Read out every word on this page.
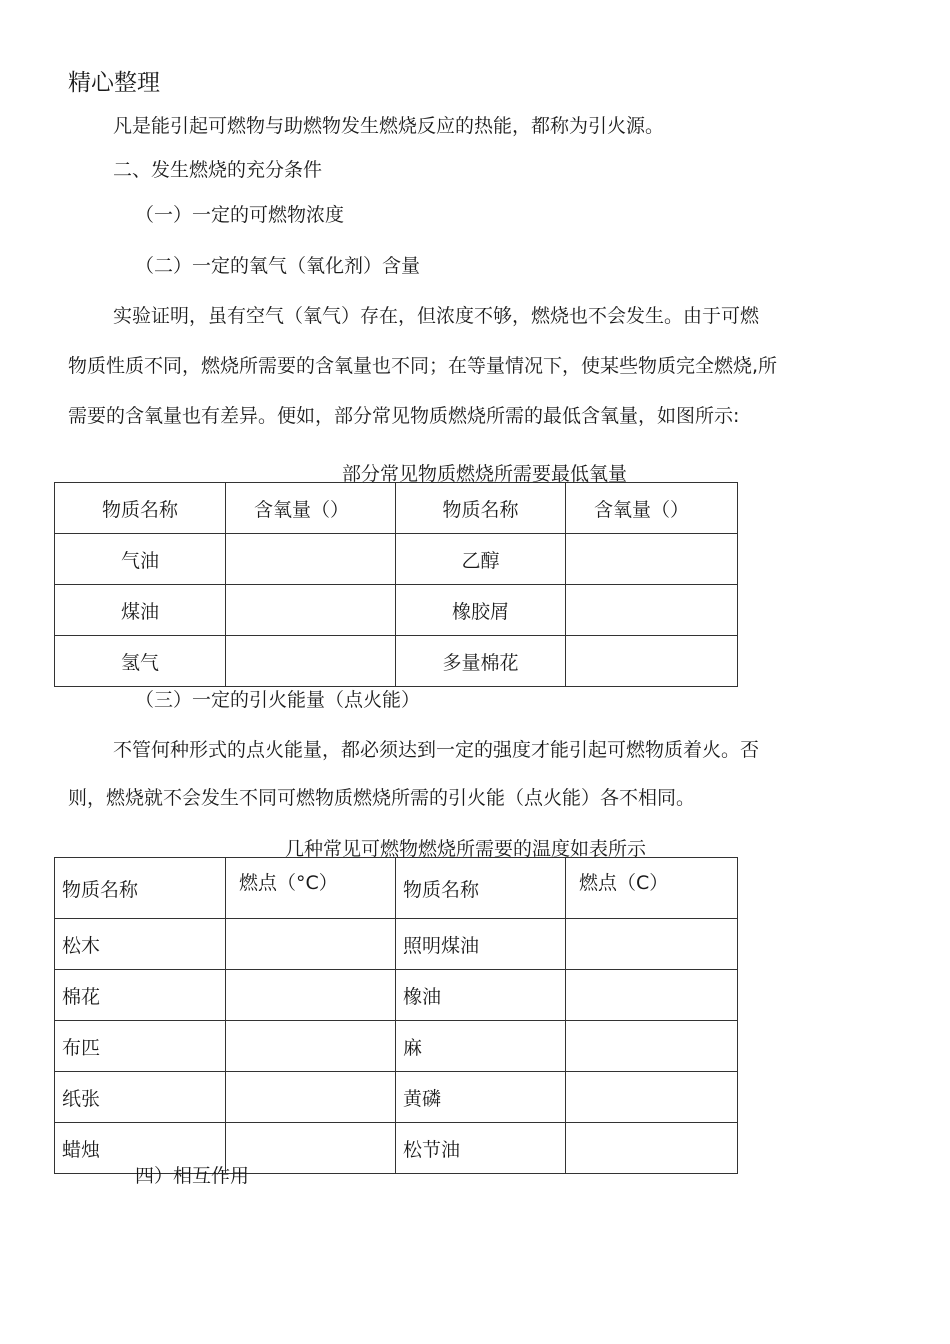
精心整理
凡是能引起可燃物与助燃物发生燃烧反应的热能，都称为引火源。
二、发生燃烧的充分条件
（一）一定的可燃物浓度
（二）一定的氧气（氧化剂）含量
实验证明，虽有空气（氧气）存在，但浓度不够，燃烧也不会发生。由于可燃
物质性质不同，燃烧所需要的含氧量也不同；在等量情况下，使某些物质完全燃烧,所
需要的含氧量也有差异。便如，部分常见物质燃烧所需的最低含氧量，如图所示:
部分常见物质燃烧所需要最低氧量
物质名称	含氧量（）	物质名称	含氧量（）
气油		乙醇	
煤油		橡胶屑	
氢气		多量棉花	
（三）一定的引火能量（点火能）
不管何种形式的点火能量，都必须达到一定的强度才能引起可燃物质着火。否
则，燃烧就不会发生不同可燃物质燃烧所需的引火能（点火能）各不相同。
几种常见可燃物燃烧所需要的温度如表所示
物质名称	燃点（°C）	物质名称	燃点（C）
松木		照明煤油	
棉花		橡油	
布匹		麻	
纸张		黄磷	
蜡烛		松节油	
四）相互作用
